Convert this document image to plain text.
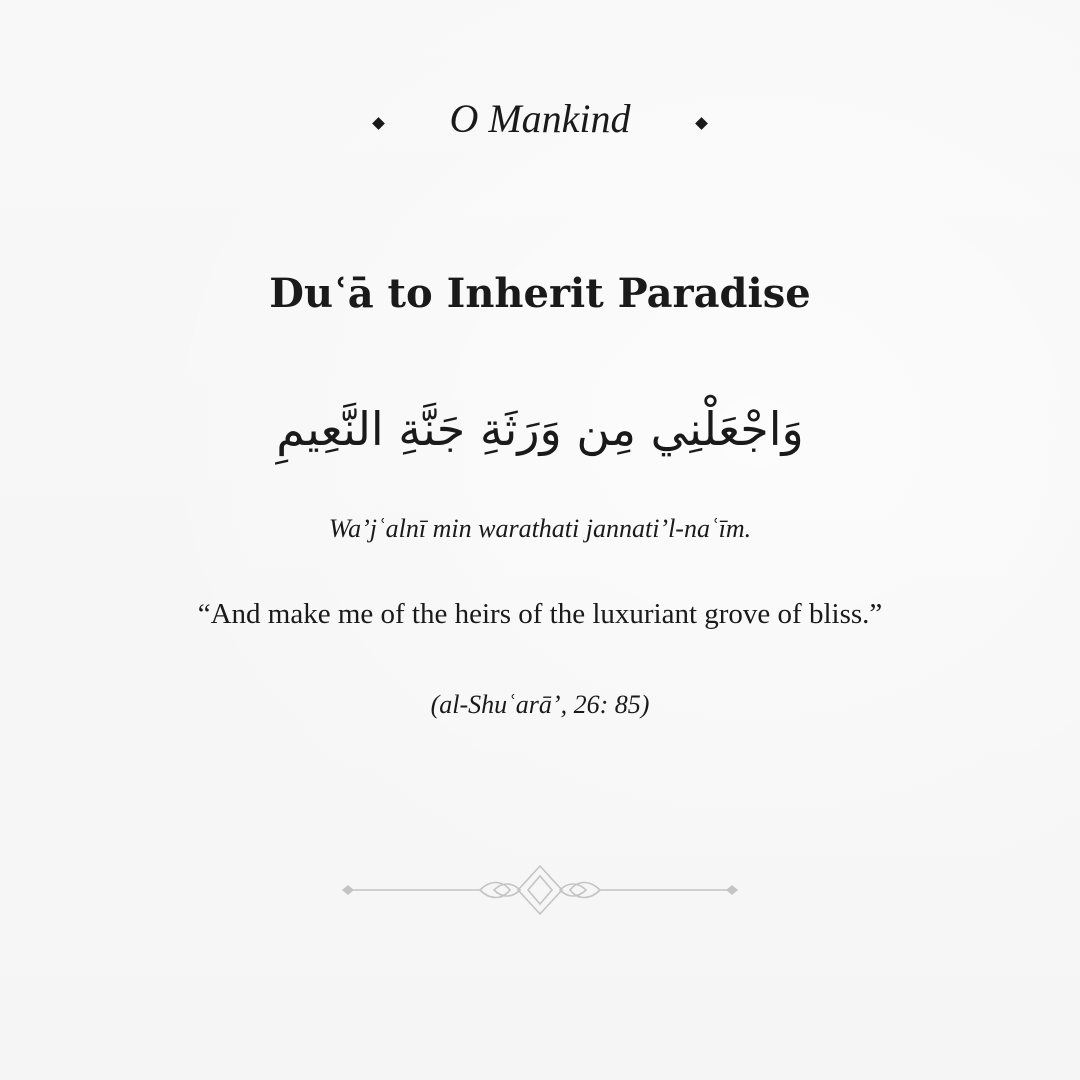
O Mankind
Duʿā to Inherit Paradise
وَاجْعَلْنِي مِن وَرَثَةِ جَنَّةِ النَّعِيمِ
Wa’jʿalnī min warathati jannati’l-naʿīm.
“And make me of the heirs of the luxuriant grove of bliss.”
(al-Shuʿarā’, 26: 85)
